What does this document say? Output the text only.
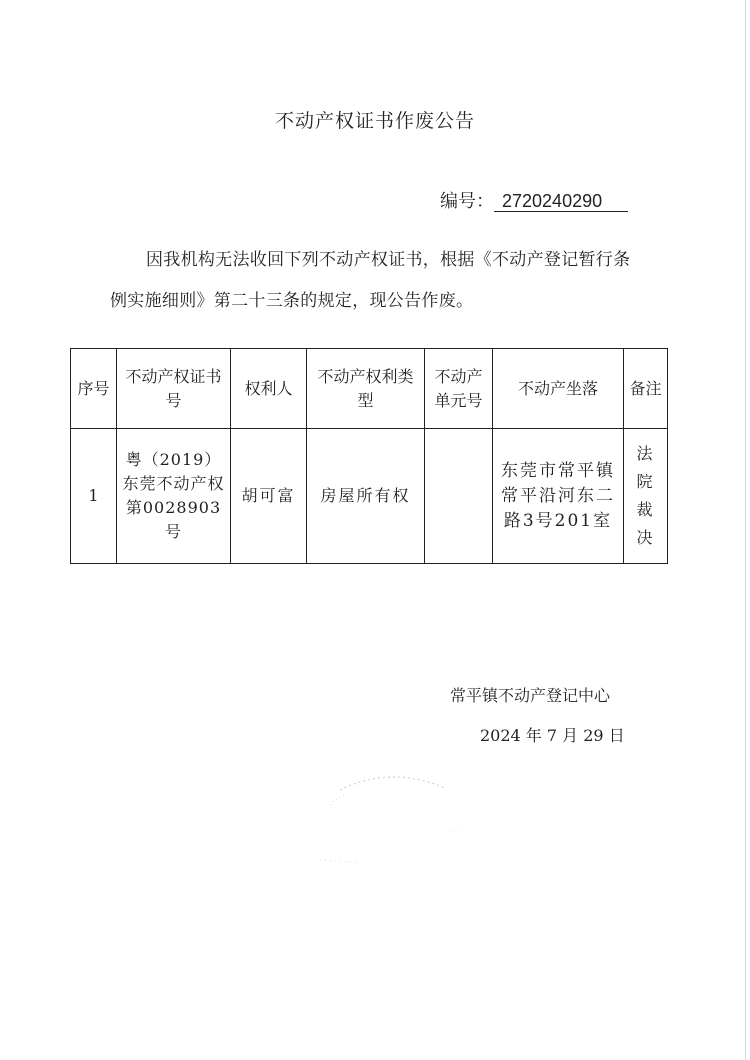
不动产权证书作废公告
编号： 2720240290
因我机构无法收回下列不动产权证书，根据《不动产登记暂行条例实施细则》第二十三条的规定，现公告作废。
序号	不动产权证书号	权利人	不动产权利类型	不动产单元号	不动产坐落	备注
1	粤（2019）东莞不动产权第0028903号	胡可富	房屋所有权		东莞市常平镇常平沿河东二路3号201室	法院裁决
常平镇不动产登记中心
2024 年 7 月 29 日
